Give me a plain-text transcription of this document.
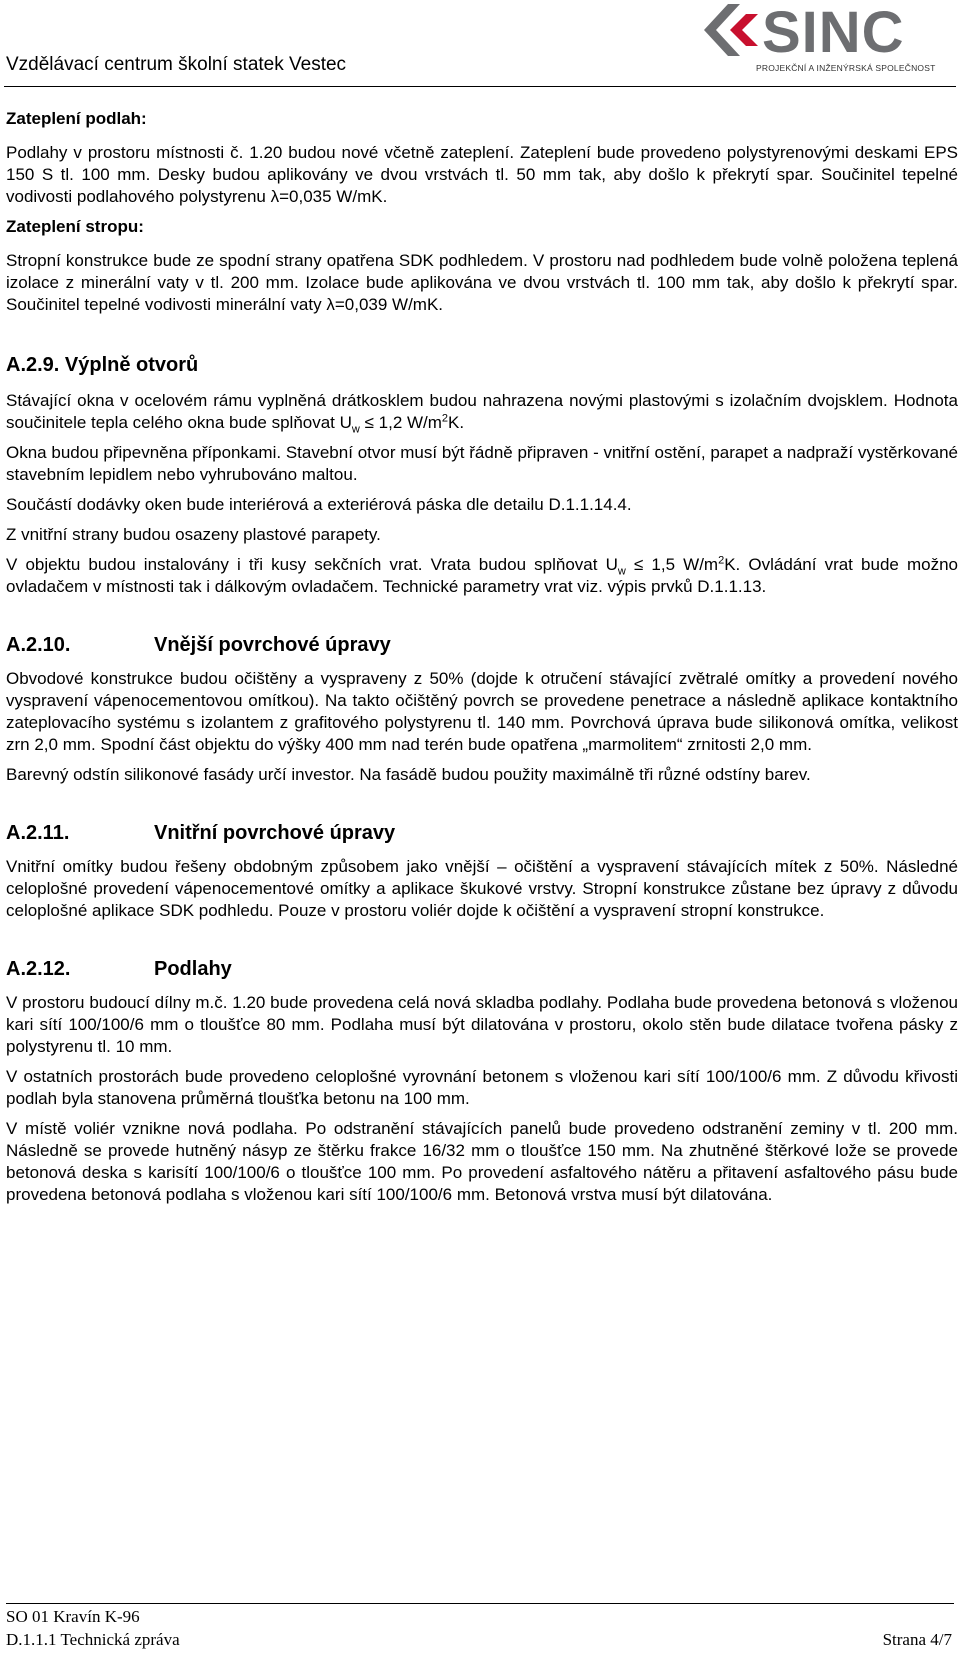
Vzdělávací centrum školní statek Vestec	SINC
PROJEKČNÍ A INŽENÝRSKÁ SPOLEČNOST

Zateplení podlah:

Podlahy v prostoru místnosti č. 1.20 budou nové včetně zateplení. Zateplení bude provedeno polystyrenovými deskami EPS 150 S tl. 100 mm. Desky budou aplikovány ve dvou vrstvách tl. 50 mm tak, aby došlo k překrytí spar. Součinitel tepelné vodivosti podlahového polystyrenu λ=0,035 W/mK.

Zateplení stropu:

Stropní konstrukce bude ze spodní strany opatřena SDK podhledem. V prostoru nad podhledem bude volně položena teplená izolace z minerální vaty v tl. 200 mm. Izolace bude aplikována ve dvou vrstvách tl. 100 mm tak, aby došlo k překrytí spar. Součinitel tepelné vodivosti minerální vaty λ=0,039 W/mK.

A.2.9. Výplně otvorů

Stávající okna v ocelovém rámu vyplněná drátkosklem budou nahrazena novými plastovými s izolačním dvojsklem. Hodnota součinitele tepla celého okna bude splňovat $U_w \le 1,2$ $W/m^2K$.

Okna budou připevněna příponkami. Stavební otvor musí být řádně připraven - vnitřní ostění, parapet a nadpraží vystěrkované stavebním lepidlem nebo vyhrubováno maltou.

Součástí dodávky oken bude interiérová a exteriérová páska dle detailu D.1.1.14.4.

Z vnitřní strany budou osazeny plastové parapety.

V objektu budou instalovány i tři kusy sekčních vrat. Vrata budou splňovat $U_w \le 1,5$ $W/m^2K$. Ovládání vrat bude možno ovladačem v místnosti tak i dálkovým ovladačem. Technické parametry vrat viz. výpis prvků D.1.1.13.

A.2.10.	Vnější povrchové úpravy

Obvodové konstrukce budou očištěny a vyspraveny z 50% (dojde k otručení stávající zvětralé omítky a provedení nového vyspravení vápenocementovou omítkou). Na takto očištěný povrch se provedene penetrace a následně aplikace kontaktního zateplovacího systému s izolantem z grafitového polystyrenu tl. 140 mm. Povrchová úprava bude silikonová omítka, velikost zrn 2,0 mm. Spodní část objektu do výšky 400 mm nad terén bude opatřena „marmolitem“ zrnitosti 2,0 mm.

Barevný odstín silikonové fasády určí investor. Na fasádě budou použity maximálně tři různé odstíny barev.

A.2.11.	Vnitřní povrchové úpravy

Vnitřní omítky budou řešeny obdobným způsobem jako vnější – očištění a vyspravení stávajících mítek z 50%. Následné celoplošné provedení vápenocementové omítky a aplikace škukové vrstvy. Stropní konstrukce zůstane bez úpravy z důvodu celoplošné aplikace SDK podhledu. Pouze v prostoru voliér dojde k očištění a vyspravení stropní konstrukce.

A.2.12.	Podlahy

V prostoru budoucí dílny m.č. 1.20 bude provedena celá nová skladba podlahy. Podlaha bude provedena betonová s vloženou kari sítí 100/100/6 mm o tloušťce 80 mm. Podlaha musí být dilatována v prostoru, okolo stěn bude dilatace tvořena pásky z polystyrenu tl. 10 mm.

V ostatních prostorách bude provedeno celoplošné vyrovnání betonem s vloženou kari sítí 100/100/6 mm. Z důvodu křivosti podlah byla stanovena průměrná tloušťka betonu na 100 mm.

V místě voliér vznikne nová podlaha. Po odstranění stávajících panelů bude provedeno odstranění zeminy v tl. 200 mm. Následně se provede hutněný násyp ze štěrku frakce 16/32 mm o tloušťce 150 mm. Na zhutněné štěrkové lože se provede betonová deska s karisítí 100/100/6 o tloušťce 100 mm. Po provedení asfaltového nátěru a přitavení asfaltového pásu bude provedena betonová podlaha s vloženou kari sítí 100/100/6 mm. Betonová vrstva musí být dilatována.

SO 01 Kravín K-96
D.1.1.1 Technická zpráva	Strana 4/7
